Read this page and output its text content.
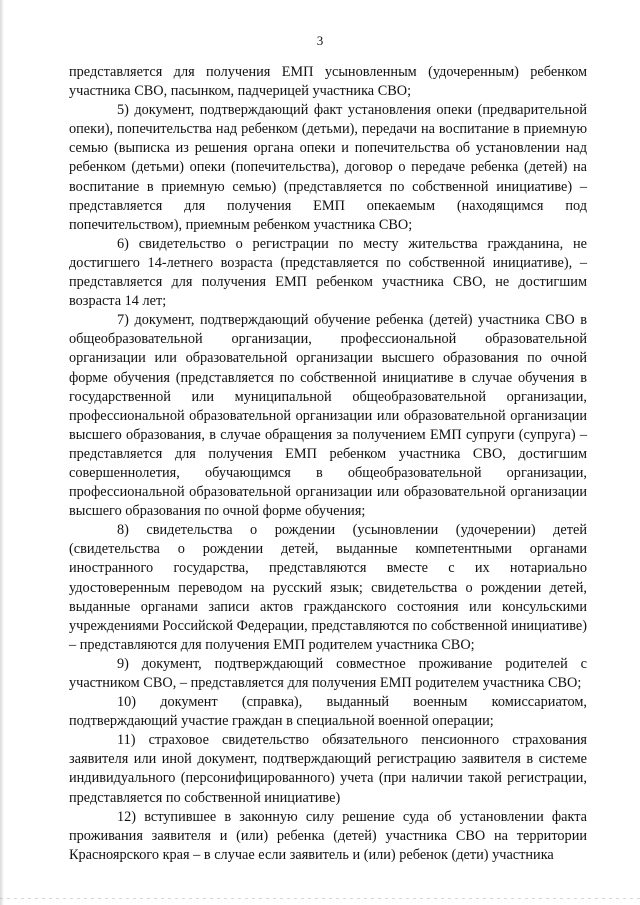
3

представляется для получения ЕМП усыновленным (удочеренным) ребенком участника СВО, пасынком, падчерицей участника СВО;

5) документ, подтверждающий факт установления опеки (предварительной опеки), попечительства над ребенком (детьми), передачи на воспитание в приемную семью (выписка из решения органа опеки и попечительства об установлении над ребенком (детьми) опеки (попечительства), договор о передаче ребенка (детей) на воспитание в приемную семью) (представляется по собственной инициативе) – представляется для получения ЕМП опекаемым (находящимся под попечительством), приемным ребенком участника СВО;

6) свидетельство о регистрации по месту жительства гражданина, не достигшего 14-летнего возраста (представляется по собственной инициативе), – представляется для получения ЕМП ребенком участника СВО, не достигшим возраста 14 лет;

7) документ, подтверждающий обучение ребенка (детей) участника СВО в общеобразовательной организации, профессиональной образовательной организации или образовательной организации высшего образования по очной форме обучения (представляется по собственной инициативе в случае обучения в государственной или муниципальной общеобразовательной организации, профессиональной образовательной организации или образовательной организации высшего образования, в случае обращения за получением ЕМП супруги (супруга) – представляется для получения ЕМП ребенком участника СВО, достигшим совершеннолетия, обучающимся в общеобразовательной организации, профессиональной образовательной организации или образовательной организации высшего образования по очной форме обучения;

8) свидетельства о рождении (усыновлении (удочерении) детей (свидетельства о рождении детей, выданные компетентными органами иностранного государства, представляются вместе с их нотариально удостоверенным переводом на русский язык; свидетельства о рождении детей, выданные органами записи актов гражданского состояния или консульскими учреждениями Российской Федерации, представляются по собственной инициативе) – представляются для получения ЕМП родителем участника СВО;

9) документ, подтверждающий совместное проживание родителей с участником СВО, – представляется для получения ЕМП родителем участника СВО;

10) документ (справка), выданный военным комиссариатом, подтверждающий участие граждан в специальной военной операции;

11) страховое свидетельство обязательного пенсионного страхования заявителя или иной документ, подтверждающий регистрацию заявителя в системе индивидуального (персонифицированного) учета (при наличии такой регистрации, представляется по собственной инициативе)

12) вступившее в законную силу решение суда об установлении факта проживания заявителя и (или) ребенка (детей) участника СВО на территории Красноярского края – в случае если заявитель и (или) ребенок (дети) участника
